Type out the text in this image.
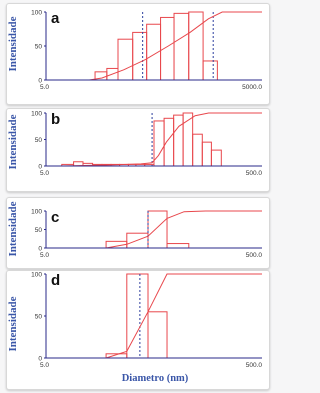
Intensidade
Intensidade
Intensidade
Intensidade
0
50
100
5.0	5000.0
a
0
50
100
5.0	500.0
b
0
50
100
5.0	500.0
c
0
50
100
5.0	500.0
d
Diametro (nm)
